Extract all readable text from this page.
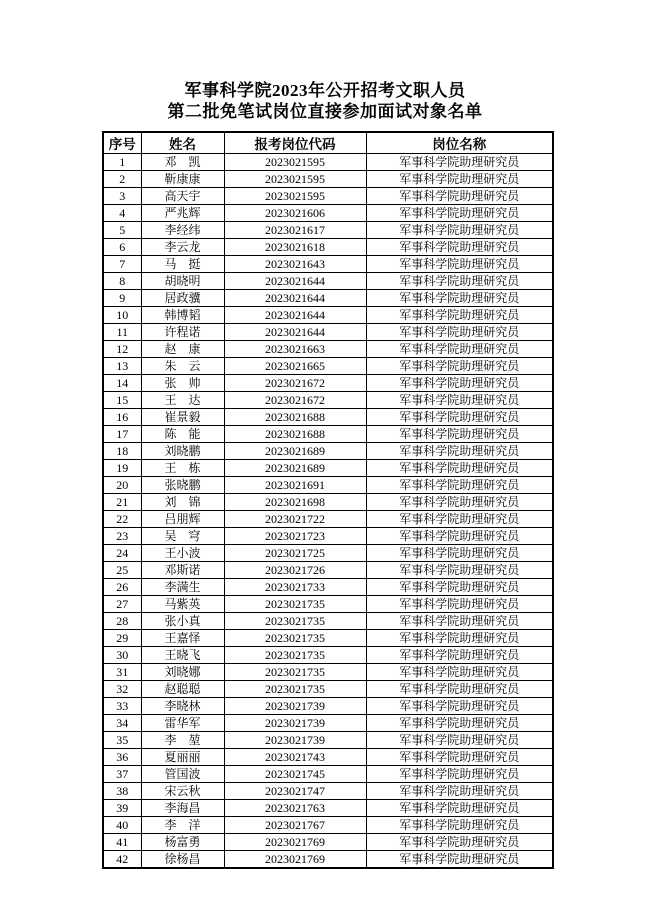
军事科学院2023年公开招考文职人员
第二批免笔试岗位直接参加面试对象名单
序号	姓名	报考岗位代码	岗位名称
1	邓　凯	2023021595	军事科学院助理研究员
2	靳康康	2023021595	军事科学院助理研究员
3	高天宇	2023021595	军事科学院助理研究员
4	严兆辉	2023021606	军事科学院助理研究员
5	李经纬	2023021617	军事科学院助理研究员
6	李云龙	2023021618	军事科学院助理研究员
7	马　挺	2023021643	军事科学院助理研究员
8	胡晓明	2023021644	军事科学院助理研究员
9	居政骥	2023021644	军事科学院助理研究员
10	韩博韬	2023021644	军事科学院助理研究员
11	许程诺	2023021644	军事科学院助理研究员
12	赵　康	2023021663	军事科学院助理研究员
13	朱　云	2023021665	军事科学院助理研究员
14	张　帅	2023021672	军事科学院助理研究员
15	王　达	2023021672	军事科学院助理研究员
16	崔景毅	2023021688	军事科学院助理研究员
17	陈　能	2023021688	军事科学院助理研究员
18	刘晓鹏	2023021689	军事科学院助理研究员
19	王　栋	2023021689	军事科学院助理研究员
20	张晓鹏	2023021691	军事科学院助理研究员
21	刘　锦	2023021698	军事科学院助理研究员
22	吕朋辉	2023021722	军事科学院助理研究员
23	吴　穹	2023021723	军事科学院助理研究员
24	王小波	2023021725	军事科学院助理研究员
25	邓斯诺	2023021726	军事科学院助理研究员
26	李满生	2023021733	军事科学院助理研究员
27	马紫英	2023021735	军事科学院助理研究员
28	张小真	2023021735	军事科学院助理研究员
29	王嘉怿	2023021735	军事科学院助理研究员
30	王晓飞	2023021735	军事科学院助理研究员
31	刘晓娜	2023021735	军事科学院助理研究员
32	赵聪聪	2023021735	军事科学院助理研究员
33	李晓林	2023021739	军事科学院助理研究员
34	雷华军	2023021739	军事科学院助理研究员
35	李　堃	2023021739	军事科学院助理研究员
36	夏丽丽	2023021743	军事科学院助理研究员
37	管国波	2023021745	军事科学院助理研究员
38	宋云秋	2023021747	军事科学院助理研究员
39	李海昌	2023021763	军事科学院助理研究员
40	李　洋	2023021767	军事科学院助理研究员
41	杨富勇	2023021769	军事科学院助理研究员
42	徐杨昌	2023021769	军事科学院助理研究员
